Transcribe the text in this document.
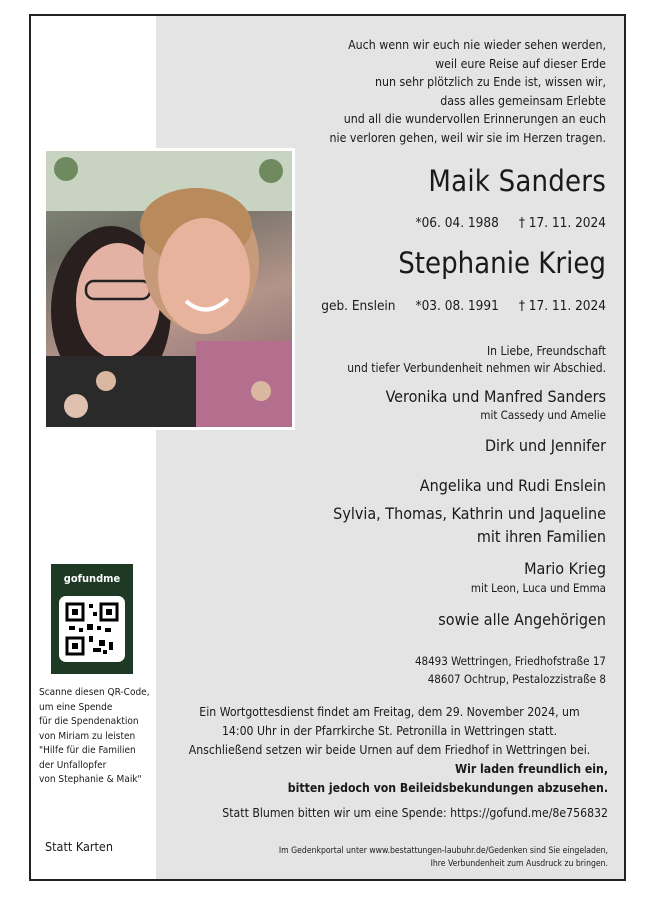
Auch wenn wir euch nie wieder sehen werden,
weil eure Reise auf dieser Erde
nun sehr plötzlich zu Ende ist, wissen wir,
dass alles gemeinsam Erlebte
und all die wundervollen Erinnerungen an euch
nie verloren gehen, weil wir sie im Herzen tragen.
Maik Sanders
*06. 04. 1988 † 17. 11. 2024
Stephanie Krieg
geb. Enslein *03. 08. 1991 † 17. 11. 2024
In Liebe, Freundschaft
und tiefer Verbundenheit nehmen wir Abschied.
Veronika und Manfred Sanders
mit Cassedy und Amelie
Dirk und Jennifer
Angelika und Rudi Enslein
Sylvia, Thomas, Kathrin und Jaqueline
mit ihren Familien
Mario Krieg
mit Leon, Luca und Emma
sowie alle Angehörigen
48493 Wettringen, Friedhofstraße 17
48607 Ochtrup, Pestalozzistraße 8
gofundme
Scanne diesen QR-Code,
um eine Spende
für die Spendenaktion
von Miriam zu leisten
"Hilfe für die Familien
der Unfallopfer
von Stephanie & Maik"
Statt Karten
Ein Wortgottesdienst findet am Freitag, dem 29. November 2024, um
14:00 Uhr in der Pfarrkirche St. Petronilla in Wettringen statt.
Anschließend setzen wir beide Urnen auf dem Friedhof in Wettringen bei.
Wir laden freundlich ein,
bitten jedoch von Beileidsbekundungen abzusehen.
Statt Blumen bitten wir um eine Spende: https://gofund.me/8e756832
Im Gedenkportal unter www.bestattungen-laubuhr.de/Gedenken sind Sie eingeladen,
Ihre Verbundenheit zum Ausdruck zu bringen.
